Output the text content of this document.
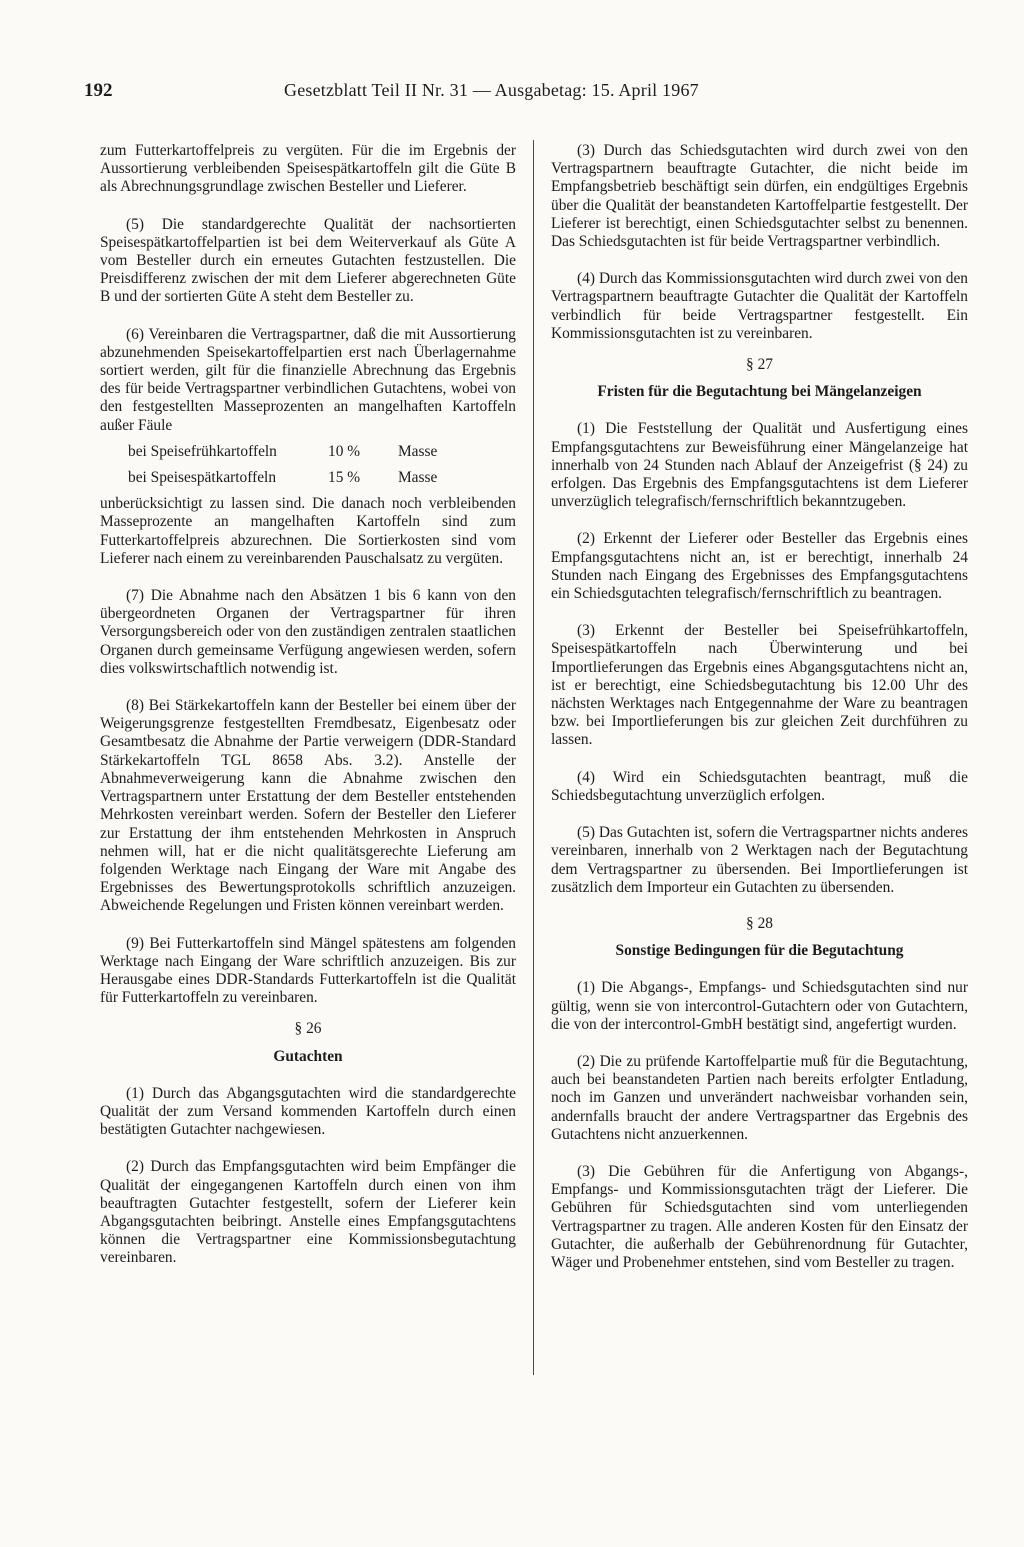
192	Gesetzblatt Teil II Nr. 31 — Ausgabetag: 15. April 1967

zum Futterkartoffelpreis zu vergüten. Für die im Ergebnis der Aussortierung verbleibenden Speisespätkartoffeln gilt die Güte B als Abrechnungsgrundlage zwischen Besteller und Lieferer.

(5) Die standardgerechte Qualität der nachsortierten Speisespätkartoffelpartien ist bei dem Weiterverkauf als Güte A vom Besteller durch ein erneutes Gutachten festzustellen. Die Preisdifferenz zwischen der mit dem Lieferer abgerechneten Güte B und der sortierten Güte A steht dem Besteller zu.

(6) Vereinbaren die Vertragspartner, daß die mit Aussortierung abzunehmenden Speisekartoffelpartien erst nach Überlagernahme sortiert werden, gilt für die finanzielle Abrechnung das Ergebnis des für beide Vertragspartner verbindlichen Gutachtens, wobei von den festgestellten Masseprozenten an mangelhaften Kartoffeln außer Fäule

bei Speisefrühkartoffeln	10 %	Masse
bei Speisespätkartoffeln	15 %	Masse

unberücksichtigt zu lassen sind. Die danach noch verbleibenden Masseprozente an mangelhaften Kartoffeln sind zum Futterkartoffelpreis abzurechnen. Die Sortierkosten sind vom Lieferer nach einem zu vereinbarenden Pauschalsatz zu vergüten.

(7) Die Abnahme nach den Absätzen 1 bis 6 kann von den übergeordneten Organen der Vertragspartner für ihren Versorgungsbereich oder von den zuständigen zentralen staatlichen Organen durch gemeinsame Verfügung angewiesen werden, sofern dies volkswirtschaftlich notwendig ist.

(8) Bei Stärkekartoffeln kann der Besteller bei einem über der Weigerungsgrenze festgestellten Fremdbesatz, Eigenbesatz oder Gesamtbesatz die Abnahme der Partie verweigern (DDR-Standard Stärkekartoffeln TGL 8658 Abs. 3.2). Anstelle der Abnahmeverweigerung kann die Abnahme zwischen den Vertragspartnern unter Erstattung der dem Besteller entstehenden Mehrkosten vereinbart werden. Sofern der Besteller den Lieferer zur Erstattung der ihm entstehenden Mehrkosten in Anspruch nehmen will, hat er die nicht qualitätsgerechte Lieferung am folgenden Werktage nach Eingang der Ware mit Angabe des Ergebnisses des Bewertungsprotokolls schriftlich anzuzeigen. Abweichende Regelungen und Fristen können vereinbart werden.

(9) Bei Futterkartoffeln sind Mängel spätestens am folgenden Werktage nach Eingang der Ware schriftlich anzuzeigen. Bis zur Herausgabe eines DDR-Standards Futterkartoffeln ist die Qualität für Futterkartoffeln zu vereinbaren.

§ 26

Gutachten

(1) Durch das Abgangsgutachten wird die standardgerechte Qualität der zum Versand kommenden Kartoffeln durch einen bestätigten Gutachter nachgewiesen.

(2) Durch das Empfangsgutachten wird beim Empfänger die Qualität der eingegangenen Kartoffeln durch einen von ihm beauftragten Gutachter festgestellt, sofern der Lieferer kein Abgangsgutachten beibringt. Anstelle eines Empfangsgutachtens können die Vertragspartner eine Kommissionsbegutachtung vereinbaren.

(3) Durch das Schiedsgutachten wird durch zwei von den Vertragspartnern beauftragte Gutachter, die nicht beide im Empfangsbetrieb beschäftigt sein dürfen, ein endgültiges Ergebnis über die Qualität der beanstandeten Kartoffelpartie festgestellt. Der Lieferer ist berechtigt, einen Schiedsgutachter selbst zu benennen. Das Schiedsgutachten ist für beide Vertragspartner verbindlich.

(4) Durch das Kommissionsgutachten wird durch zwei von den Vertragspartnern beauftragte Gutachter die Qualität der Kartoffeln verbindlich für beide Vertragspartner festgestellt. Ein Kommissionsgutachten ist zu vereinbaren.

§ 27

Fristen für die Begutachtung bei Mängelanzeigen

(1) Die Feststellung der Qualität und Ausfertigung eines Empfangsgutachtens zur Beweisführung einer Mängelanzeige hat innerhalb von 24 Stunden nach Ablauf der Anzeigefrist (§ 24) zu erfolgen. Das Ergebnis des Empfangsgutachtens ist dem Lieferer unverzüglich telegrafisch/fernschriftlich bekanntzugeben.

(2) Erkennt der Lieferer oder Besteller das Ergebnis eines Empfangsgutachtens nicht an, ist er berechtigt, innerhalb 24 Stunden nach Eingang des Ergebnisses des Empfangsgutachtens ein Schiedsgutachten telegrafisch/fernschriftlich zu beantragen.

(3) Erkennt der Besteller bei Speisefrühkartoffeln, Speisespätkartoffeln nach Überwinterung und bei Importlieferungen das Ergebnis eines Abgangsgutachtens nicht an, ist er berechtigt, eine Schiedsbegutachtung bis 12.00 Uhr des nächsten Werktages nach Entgegennahme der Ware zu beantragen bzw. bei Importlieferungen bis zur gleichen Zeit durchführen zu lassen.

(4) Wird ein Schiedsgutachten beantragt, muß die Schiedsbegutachtung unverzüglich erfolgen.

(5) Das Gutachten ist, sofern die Vertragspartner nichts anderes vereinbaren, innerhalb von 2 Werktagen nach der Begutachtung dem Vertragspartner zu übersenden. Bei Importlieferungen ist zusätzlich dem Importeur ein Gutachten zu übersenden.

§ 28

Sonstige Bedingungen für die Begutachtung

(1) Die Abgangs-, Empfangs- und Schiedsgutachten sind nur gültig, wenn sie von intercontrol-Gutachtern oder von Gutachtern, die von der intercontrol-GmbH bestätigt sind, angefertigt wurden.

(2) Die zu prüfende Kartoffelpartie muß für die Begutachtung, auch bei beanstandeten Partien nach bereits erfolgter Entladung, noch im Ganzen und unverändert nachweisbar vorhanden sein, andernfalls braucht der andere Vertragspartner das Ergebnis des Gutachtens nicht anzuerkennen.

(3) Die Gebühren für die Anfertigung von Abgangs-, Empfangs- und Kommissionsgutachten trägt der Lieferer. Die Gebühren für Schiedsgutachten sind vom unterliegenden Vertragspartner zu tragen. Alle anderen Kosten für den Einsatz der Gutachter, die außerhalb der Gebührenordnung für Gutachter, Wäger und Probenehmer entstehen, sind vom Besteller zu tragen.
